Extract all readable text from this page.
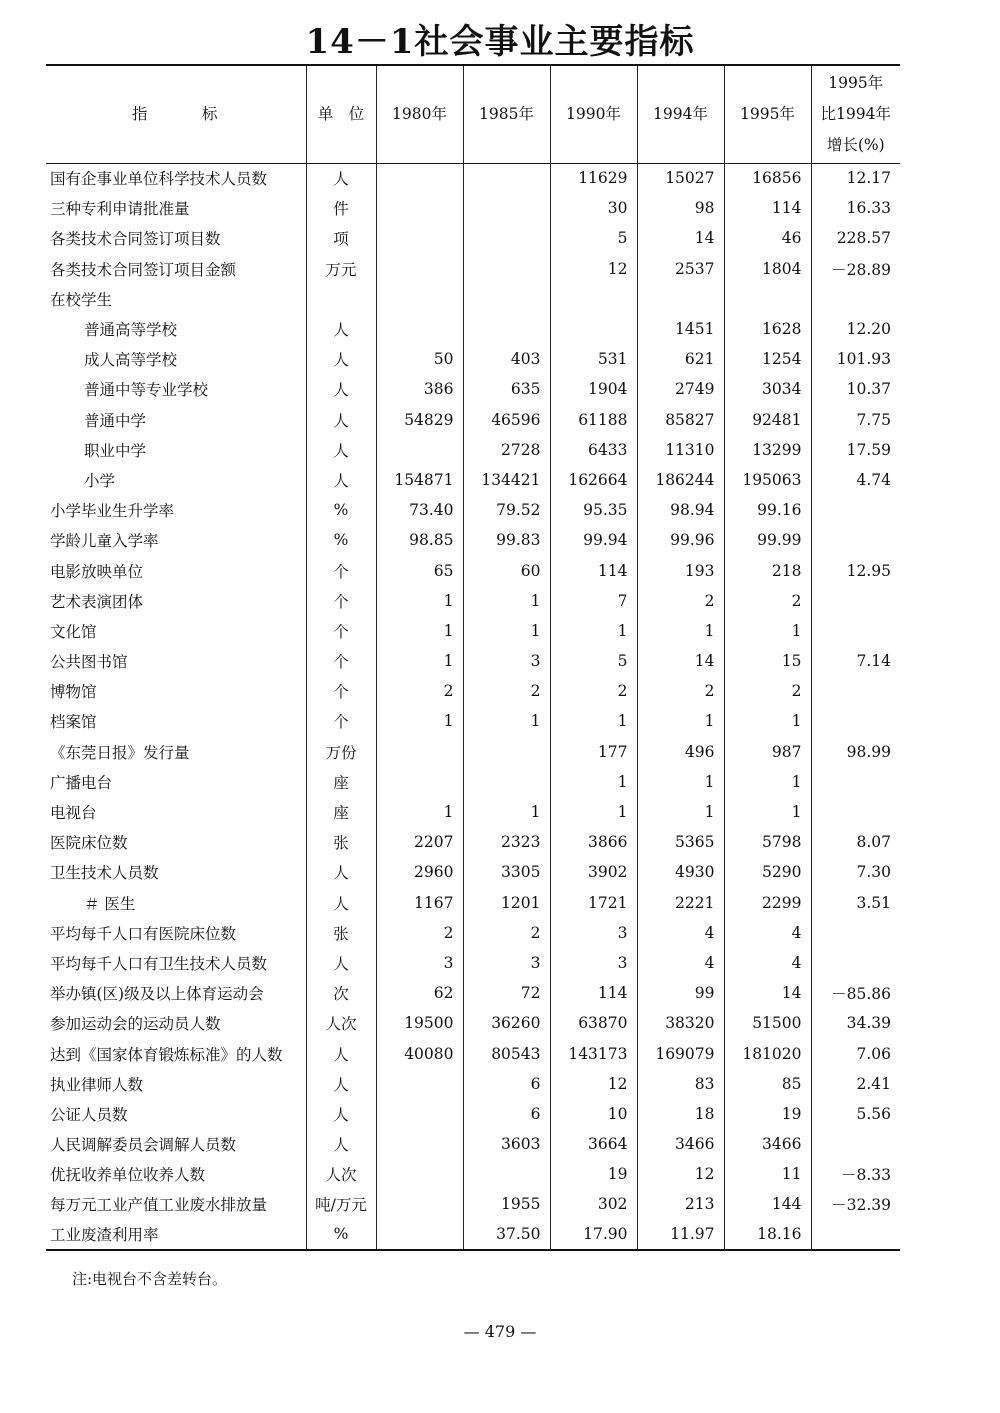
14－1社会事业主要指标
指　　　标	单　位	1980年	1985年	1990年	1994年	1995年	1995年
比1994年
增长(%)

国有企事业单位科学技术人员数	人			11629	15027	16856	12.17
三种专利申请批准量	件			30	98	114	16.33
各类技术合同签订项目数	项			5	14	46	228.57
各类技术合同签订项目金额	万元			12	2537	1804	－28.89
在校学生							
普通高等学校	人				1451	1628	12.20
成人高等学校	人	50	403	531	621	1254	101.93
普通中等专业学校	人	386	635	1904	2749	3034	10.37
普通中学	人	54829	46596	61188	85827	92481	7.75
职业中学	人		2728	6433	11310	13299	17.59
小学	人	154871	134421	162664	186244	195063	4.74
小学毕业生升学率	%	73.40	79.52	95.35	98.94	99.16	
学龄儿童入学率	%	98.85	99.83	99.94	99.96	99.99	
电影放映单位	个	65	60	114	193	218	12.95
艺术表演团体	个	1	1	7	2	2	
文化馆	个	1	1	1	1	1	
公共图书馆	个	1	3	5	14	15	7.14
博物馆	个	2	2	2	2	2	
档案馆	个	1	1	1	1	1	
《东莞日报》发行量	万份			177	496	987	98.99
广播电台	座			1	1	1	
电视台	座	1	1	1	1	1	
医院床位数	张	2207	2323	3866	5365	5798	8.07
卫生技术人员数	人	2960	3305	3902	4930	5290	7.30
＃ 医生	人	1167	1201	1721	2221	2299	3.51
平均每千人口有医院床位数	张	2	2	3	4	4	
平均每千人口有卫生技术人员数	人	3	3	3	4	4	
举办镇(区)级及以上体育运动会	次	62	72	114	99	14	－85.86
参加运动会的运动员人数	人次	19500	36260	63870	38320	51500	34.39
达到《国家体育锻炼标准》的人数	人	40080	80543	143173	169079	181020	7.06
执业律师人数	人		6	12	83	85	2.41
公证人员数	人		6	10	18	19	5.56
人民调解委员会调解人员数	人		3603	3664	3466	3466	
优抚收养单位收养人数	人次			19	12	11	－8.33
每万元工业产值工业废水排放量	吨/万元		1955	302	213	144	－32.39
工业废渣利用率	%		37.50	17.90	11.97	18.16	
注:电视台不含差转台。
— 479 —
